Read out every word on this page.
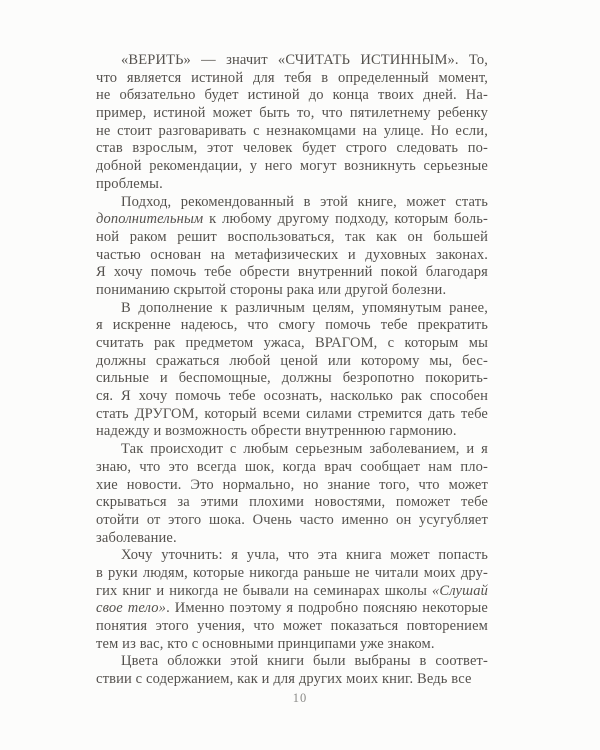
«ВЕРИТЬ» — значит «СЧИТАТЬ ИСТИННЫМ». То,
что является истиной для тебя в определенный момент,
не обязательно будет истиной до конца твоих дней. На-
пример, истиной может быть то, что пятилетнему ребенку
не стоит разговаривать с незнакомцами на улице. Но если,
став взрослым, этот человек будет строго следовать по-
добной рекомендации, у него могут возникнуть серьезные
проблемы.
Подход, рекомендованный в этой книге, может стать
дополнительным к любому другому подходу, которым боль-
ной раком решит воспользоваться, так как он большей
частью основан на метафизических и духовных законах.
Я хочу помочь тебе обрести внутренний покой благодаря
пониманию скрытой стороны рака или другой болезни.
В дополнение к различным целям, упомянутым ранее,
я искренне надеюсь, что смогу помочь тебе прекратить
считать рак предметом ужаса, ВРАГОМ, с которым мы
должны сражаться любой ценой или которому мы, бес-
сильные и беспомощные, должны безропотно покорить-
ся. Я хочу помочь тебе осознать, насколько рак способен
стать ДРУГОМ, который всеми силами стремится дать тебе
надежду и возможность обрести внутреннюю гармонию.
Так происходит с любым серьезным заболеванием, и я
знаю, что это всегда шок, когда врач сообщает нам пло-
хие новости. Это нормально, но знание того, что может
скрываться за этими плохими новостями, поможет тебе
отойти от этого шока. Очень часто именно он усугубляет
заболевание.
Хочу уточнить: я учла, что эта книга может попасть
в руки людям, которые никогда раньше не читали моих дру-
гих книг и никогда не бывали на семинарах школы «Слушай
свое тело». Именно поэтому я подробно поясняю некоторые
понятия этого учения, что может показаться повторением
тем из вас, кто с основными принципами уже знаком.
Цвета обложки этой книги были выбраны в соответ-
ствии с содержанием, как и для других моих книг. Ведь все
10
